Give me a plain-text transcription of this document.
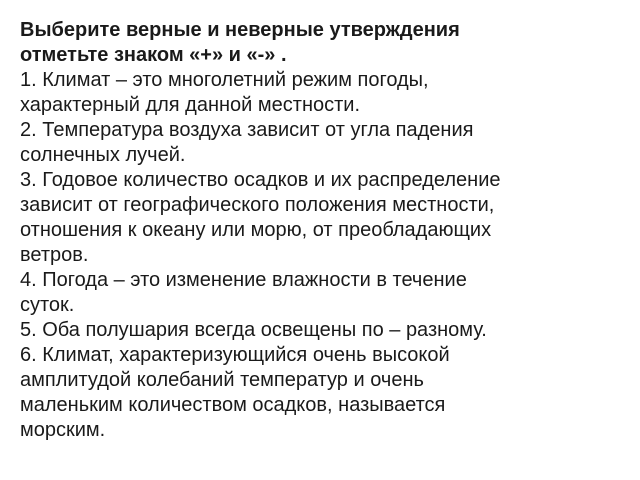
Выберите верные и неверные утверждения
отметьте знаком «+» и «-» .

1. Климат – это многолетний режим погоды,
характерный для данной местности.

2. Температура воздуха зависит от угла падения
солнечных лучей.

3. Годовое количество осадков и их распределение
зависит от географического положения местности,
отношения к океану или морю, от преобладающих
ветров.

4. Погода – это изменение влажности в течение
суток.

5. Оба полушария всегда освещены по – разному.

6. Климат, характеризующийся очень высокой
амплитудой колебаний температур и очень
маленьким количеством осадков, называется
морским.
